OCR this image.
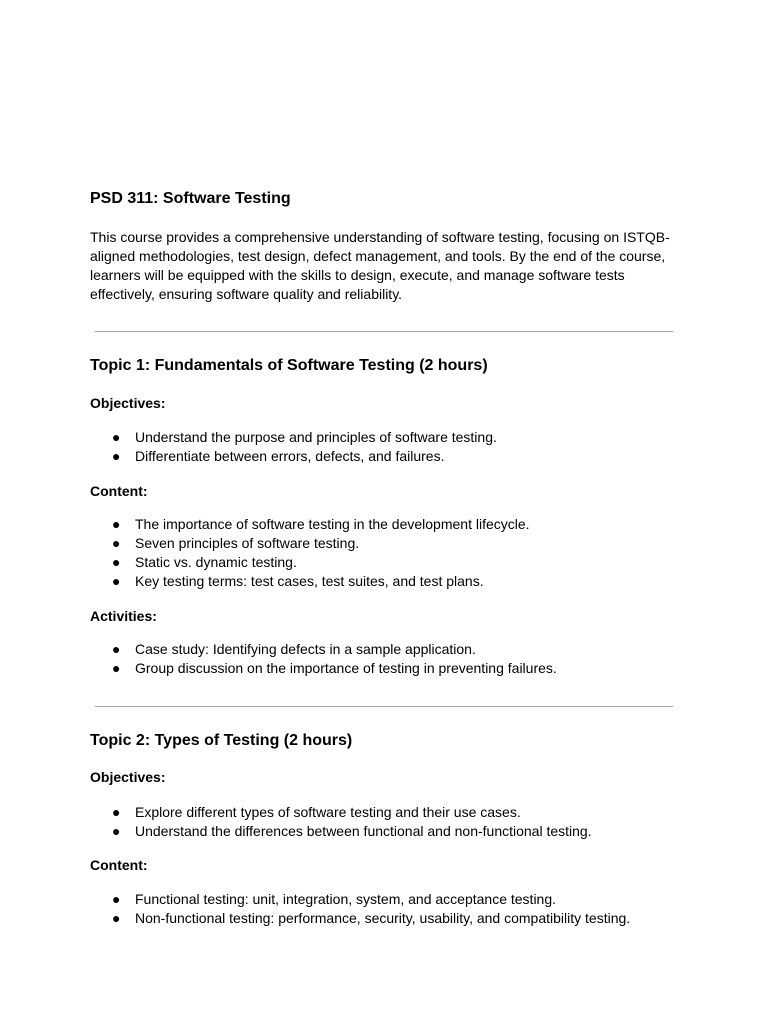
PSD 311: Software Testing

This course provides a comprehensive understanding of software testing, focusing on ISTQB-aligned methodologies, test design, defect management, and tools. By the end of the course, learners will be equipped with the skills to design, execute, and manage software tests effectively, ensuring software quality and reliability.

Topic 1: Fundamentals of Software Testing (2 hours)
Objectives:
● Understand the purpose and principles of software testing.
● Differentiate between errors, defects, and failures.
Content:
● The importance of software testing in the development lifecycle.
● Seven principles of software testing.
● Static vs. dynamic testing.
● Key testing terms: test cases, test suites, and test plans.
Activities:
● Case study: Identifying defects in a sample application.
● Group discussion on the importance of testing in preventing failures.
Topic 2: Types of Testing (2 hours)
Objectives:
● Explore different types of software testing and their use cases.
● Understand the differences between functional and non-functional testing.
Content:
● Functional testing: unit, integration, system, and acceptance testing.
● Non-functional testing: performance, security, usability, and compatibility testing.
